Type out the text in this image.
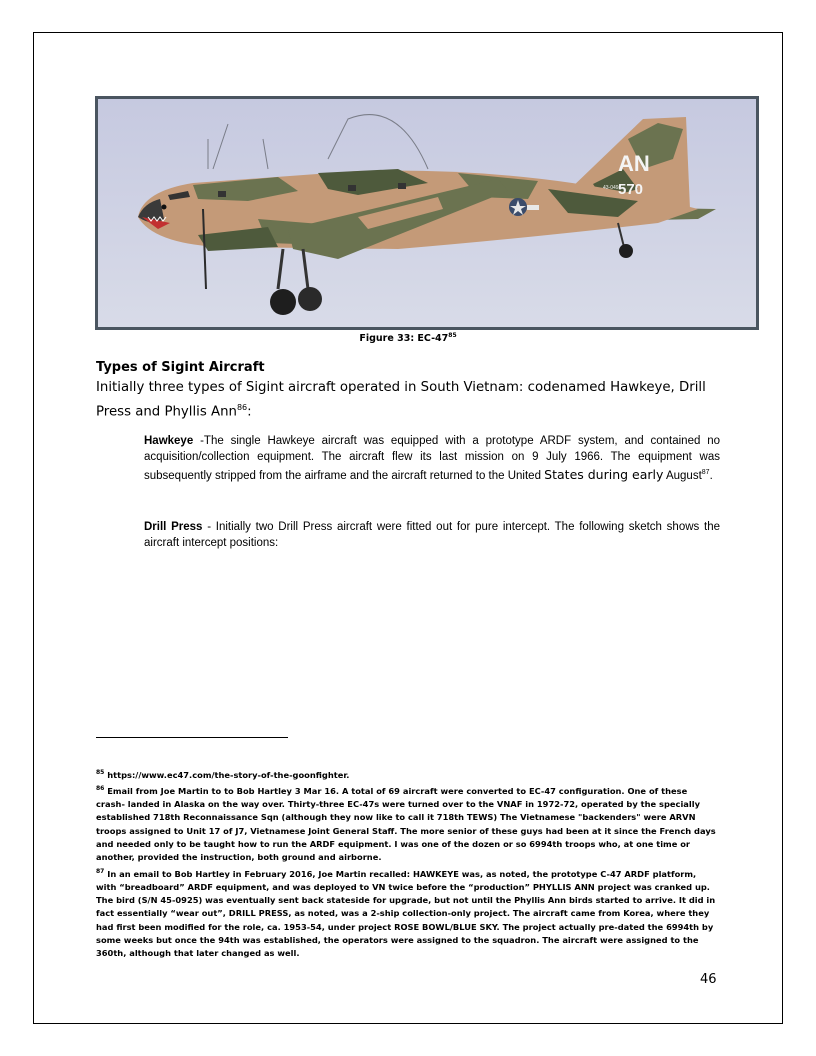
AN
570
43-049
Figure 33: $EC-47^{85}$
Types of Sigint Aircraft
Initially three types of Sigint aircraft operated in South Vietnam: codenamed Hawkeye, Drill Press and Phyllis Ann$^{86}$:
Hawkeye -The single Hawkeye aircraft was equipped with a prototype ARDF system, and contained no acquisition/collection equipment. The aircraft flew its last mission on 9 July 1966. The equipment was subsequently stripped from the airframe and the aircraft returned to the United States during early August$^{87}$.
Drill Press - Initially two Drill Press aircraft were fitted out for pure intercept. The following sketch shows the aircraft intercept positions:

$^{85}$ https://www.ec47.com/the-story-of-the-goonfighter.

$^{86}$ Email from Joe Martin to to Bob Hartley 3 Mar 16. A total of 69 aircraft were converted to EC-47 configuration. One of these crash- landed in Alaska on the way over. Thirty-three EC-47s were turned over to the VNAF in 1972-72, operated by the specially established 718th Reconnaissance Sqn (although they now like to call it 718th TEWS) The Vietnamese "backenders" were ARVN troops assigned to Unit 17 of J7, Vietnamese Joint General Staff. The more senior of these guys had been at it since the French days and needed only to be taught how to run the ARDF equipment. I was one of the dozen or so 6994th troops who, at one time or another, provided the instruction, both ground and airborne.

$^{87}$ In an email to Bob Hartley in February 2016, Joe Martin recalled: HAWKEYE was, as noted, the prototype C-47 ARDF platform, with “breadboard” ARDF equipment, and was deployed to VN twice before the “production” PHYLLIS ANN project was cranked up. The bird (S/N 45-0925) was eventually sent back stateside for upgrade, but not until the Phyllis Ann birds started to arrive. It did in fact essentially “wear out”, DRILL PRESS, as noted, was a 2-ship collection-only project. The aircraft came from Korea, where they had first been modified for the role, ca. 1953-54, under project ROSE BOWL/BLUE SKY. The project actually pre-dated the 6994th by some weeks but once the 94th was established, the operators were assigned to the squadron. The aircraft were assigned to the 360th, although that later changed as well.

46
